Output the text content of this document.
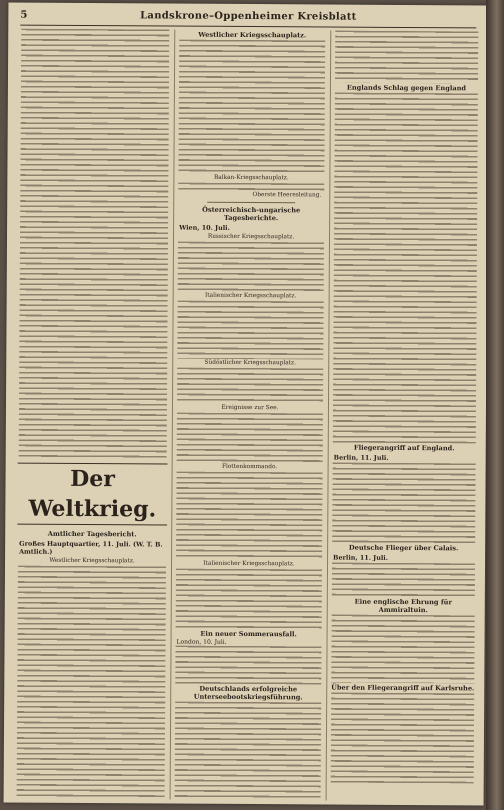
5	Landskrone–Oppenheimer Kreisblatt
Der Weltkrieg.
Amtlicher Tagesbericht.
Großes Hauptquartier, 11. Juli. (W. T. B. Amtlich.)
Westlicher Kriegsschauplatz.
Westlicher Kriegsschauplatz.
Balkan-Kriegsschauplatz.
Oberste Heeresleitung.
Österreichisch-ungarische Tagesberichte.
Wien, 10. Juli.
Russischer Kriegsschauplatz.
Italienischer Kriegsschauplatz.
Südöstlicher Kriegsschauplatz.
Ereignisse zur See.
Flottenkommando.
Italienischer Kriegsschauplatz.
Ein neuer Sommerausfall.
London, 10. Juli.
Deutschlands erfolgreiche Unterseebootskriegsführung.
Englands Schlag gegen England
Fliegerangriff auf England.
Berlin, 11. Juli.
Deutsche Flieger über Calais.
Berlin, 11. Juli.
Eine englische Ehrung für Ammiraltuin.
Über den Fliegerangriff auf Karlsruhe.
